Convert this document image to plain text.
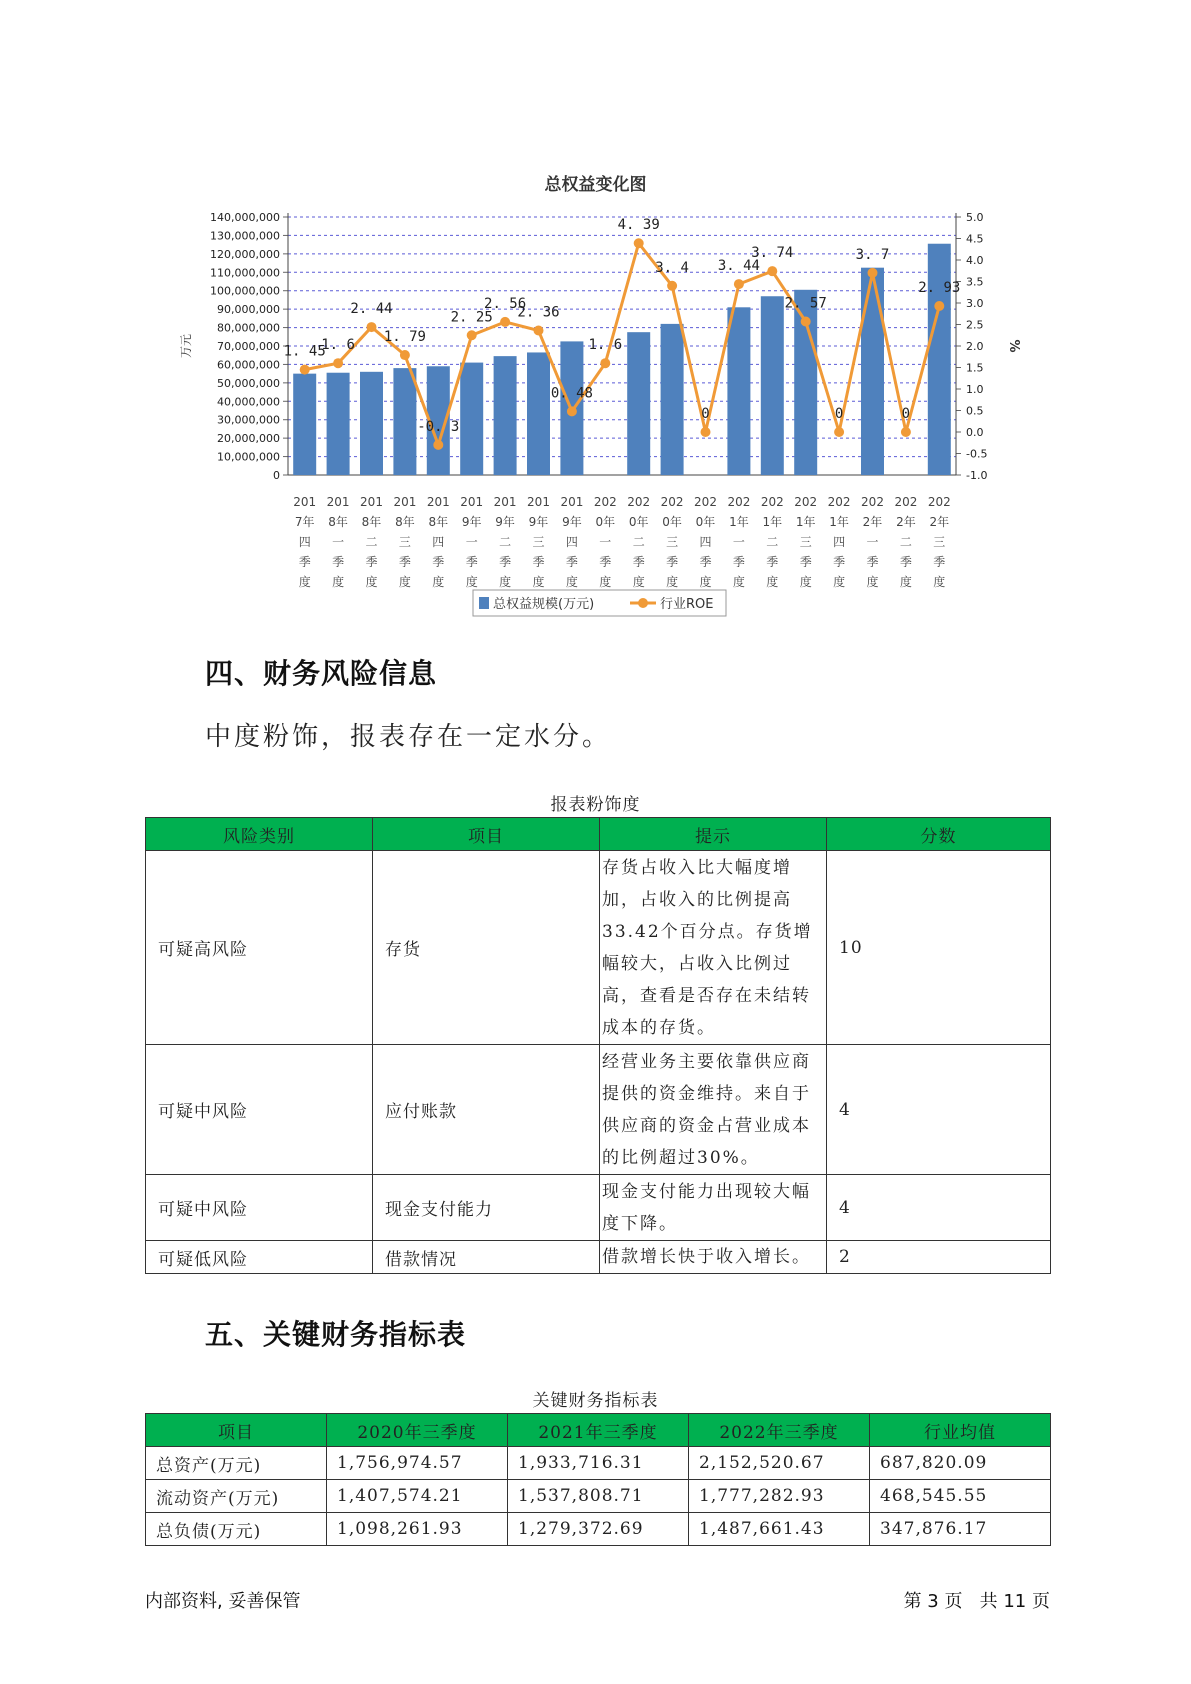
总权益变化图
140,000,000
130,000,000
120,000,000
110,000,000
100,000,000
90,000,000
80,000,000
70,000,000
60,000,000
50,000,000
40,000,000
30,000,000
20,000,000
10,000,000
0
5.0
4.5
4.0
3.5
3.0
2.5
2.0
1.5
1.0
0.5
0.0
-0.5
-1.0
万元	%
201
7年
四
季
度
201
8年
一
季
度
201
8年
二
季
度
201
8年
三
季
度
201
8年
四
季
度
201
9年
一
季
度
201
9年
二
季
度
201
9年
三
季
度
201
9年
四
季
度
202
0年
一
季
度
202
0年
二
季
度
202
0年
三
季
度
202
0年
四
季
度
202
1年
一
季
度
202
1年
二
季
度
202
1年
三
季
度
202
1年
四
季
度
202
2年
一
季
度
202
2年
二
季
度
202
2年
三
季
度
1. 45
1. 6
2. 44
1. 79
-0. 3
2. 25
2. 56
2. 36
0. 48
1. 6
4. 39
3. 4
0
3. 44
3. 74
2. 57
0
3. 7
0
2. 93
总权益规模(万元)	行业ROE
四、财务风险信息
中度粉饰，报表存在一定水分。
报表粉饰度
风险类别	项目	提示	分数
可疑高风险	存货	存货占收入比大幅度增加，占收入的比例提高33.42个百分点。存货增幅较大，占收入比例过高，查看是否存在未结转成本的存货。	10
可疑中风险	应付账款	经营业务主要依靠供应商提供的资金维持。来自于供应商的资金占营业成本的比例超过30%。	4
可疑中风险	现金支付能力	现金支付能力出现较大幅度下降。	4
可疑低风险	借款情况	借款增长快于收入增长。	2
五、关键财务指标表
关键财务指标表
项目	2020年三季度	2021年三季度	2022年三季度	行业均值
总资产(万元)	1,756,974.57	1,933,716.31	2,152,520.67	687,820.09
流动资产(万元)	1,407,574.21	1,537,808.71	1,777,282.93	468,545.55
总负债(万元)	1,098,261.93	1,279,372.69	1,487,661.43	347,876.17
内部资料, 妥善保管	第 3 页   共 11 页
